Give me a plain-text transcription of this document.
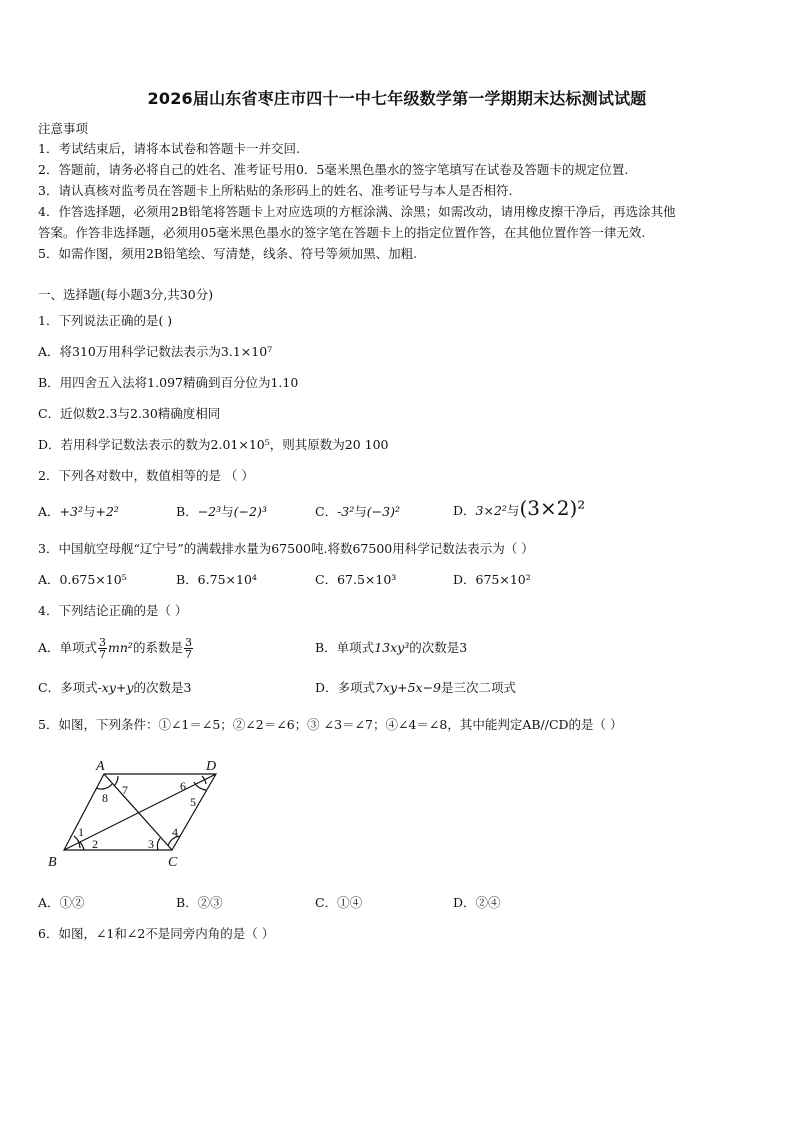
2026届山东省枣庄市四十一中七年级数学第一学期期末达标测试试题
注意事项
1．考试结束后，请将本试卷和答题卡一并交回.
2．答题前，请务必将自己的姓名、准考证号用0．5毫米黑色墨水的签字笔填写在试卷及答题卡的规定位置.
3．请认真核对监考员在答题卡上所粘贴的条形码上的姓名、准考证号与本人是否相符.
4．作答选择题，必须用2B铅笔将答题卡上对应选项的方框涂满、涂黑；如需改动，请用橡皮擦干净后，再选涂其他
答案。作答非选择题，必须用05毫米黑色墨水的签字笔在答题卡上的指定位置作答，在其他位置作答一律无效.
5．如需作图，须用2B铅笔绘、写清楚，线条、符号等须加黑、加粗.
一、选择题(每小题3分,共30分)
1．下列说法正确的是( )
A．将310万用科学记数法表示为3.1×10⁷
B．用四舍五入法将1.097精确到百分位为1.10
C．近似数2.3与2.30精确度相同
D．若用科学记数法表示的数为2.01×10⁵，则其原数为20 100
2．下列各对数中，数值相等的是 （ ）
A．+3²与+2²	B．−2³与(−2)³	C．-3²与(−3)²	D．3×2²与(3×2)²
3．中国航空母舰“辽宁号”的满载排水量为67500吨.将数67500用科学记数法表示为（ ）
A．0.675×10⁵	B．6.75×10⁴	C．67.5×10³	D．675×10²
4．下列结论正确的是（ ）
A．单项式 $\frac{3}{7} mn^2$的系数是 $\frac{3}{7}$	B．单项式13xy³的次数是3
C．多项式-xy+y的次数是3	D．多项式7xy+5x−9是三次二项式
5．如图，下列条件：①∠1＝∠5；②∠2＝∠6；③ ∠3＝∠7；④∠4＝∠8，其中能判定AB//CD的是（ ）
A	D
B	C
8
7	6
5
1
2	3
4
A．①②	B．②③	C．①④	D．②④
6．如图，∠1和∠2不是同旁内角的是（ ）
